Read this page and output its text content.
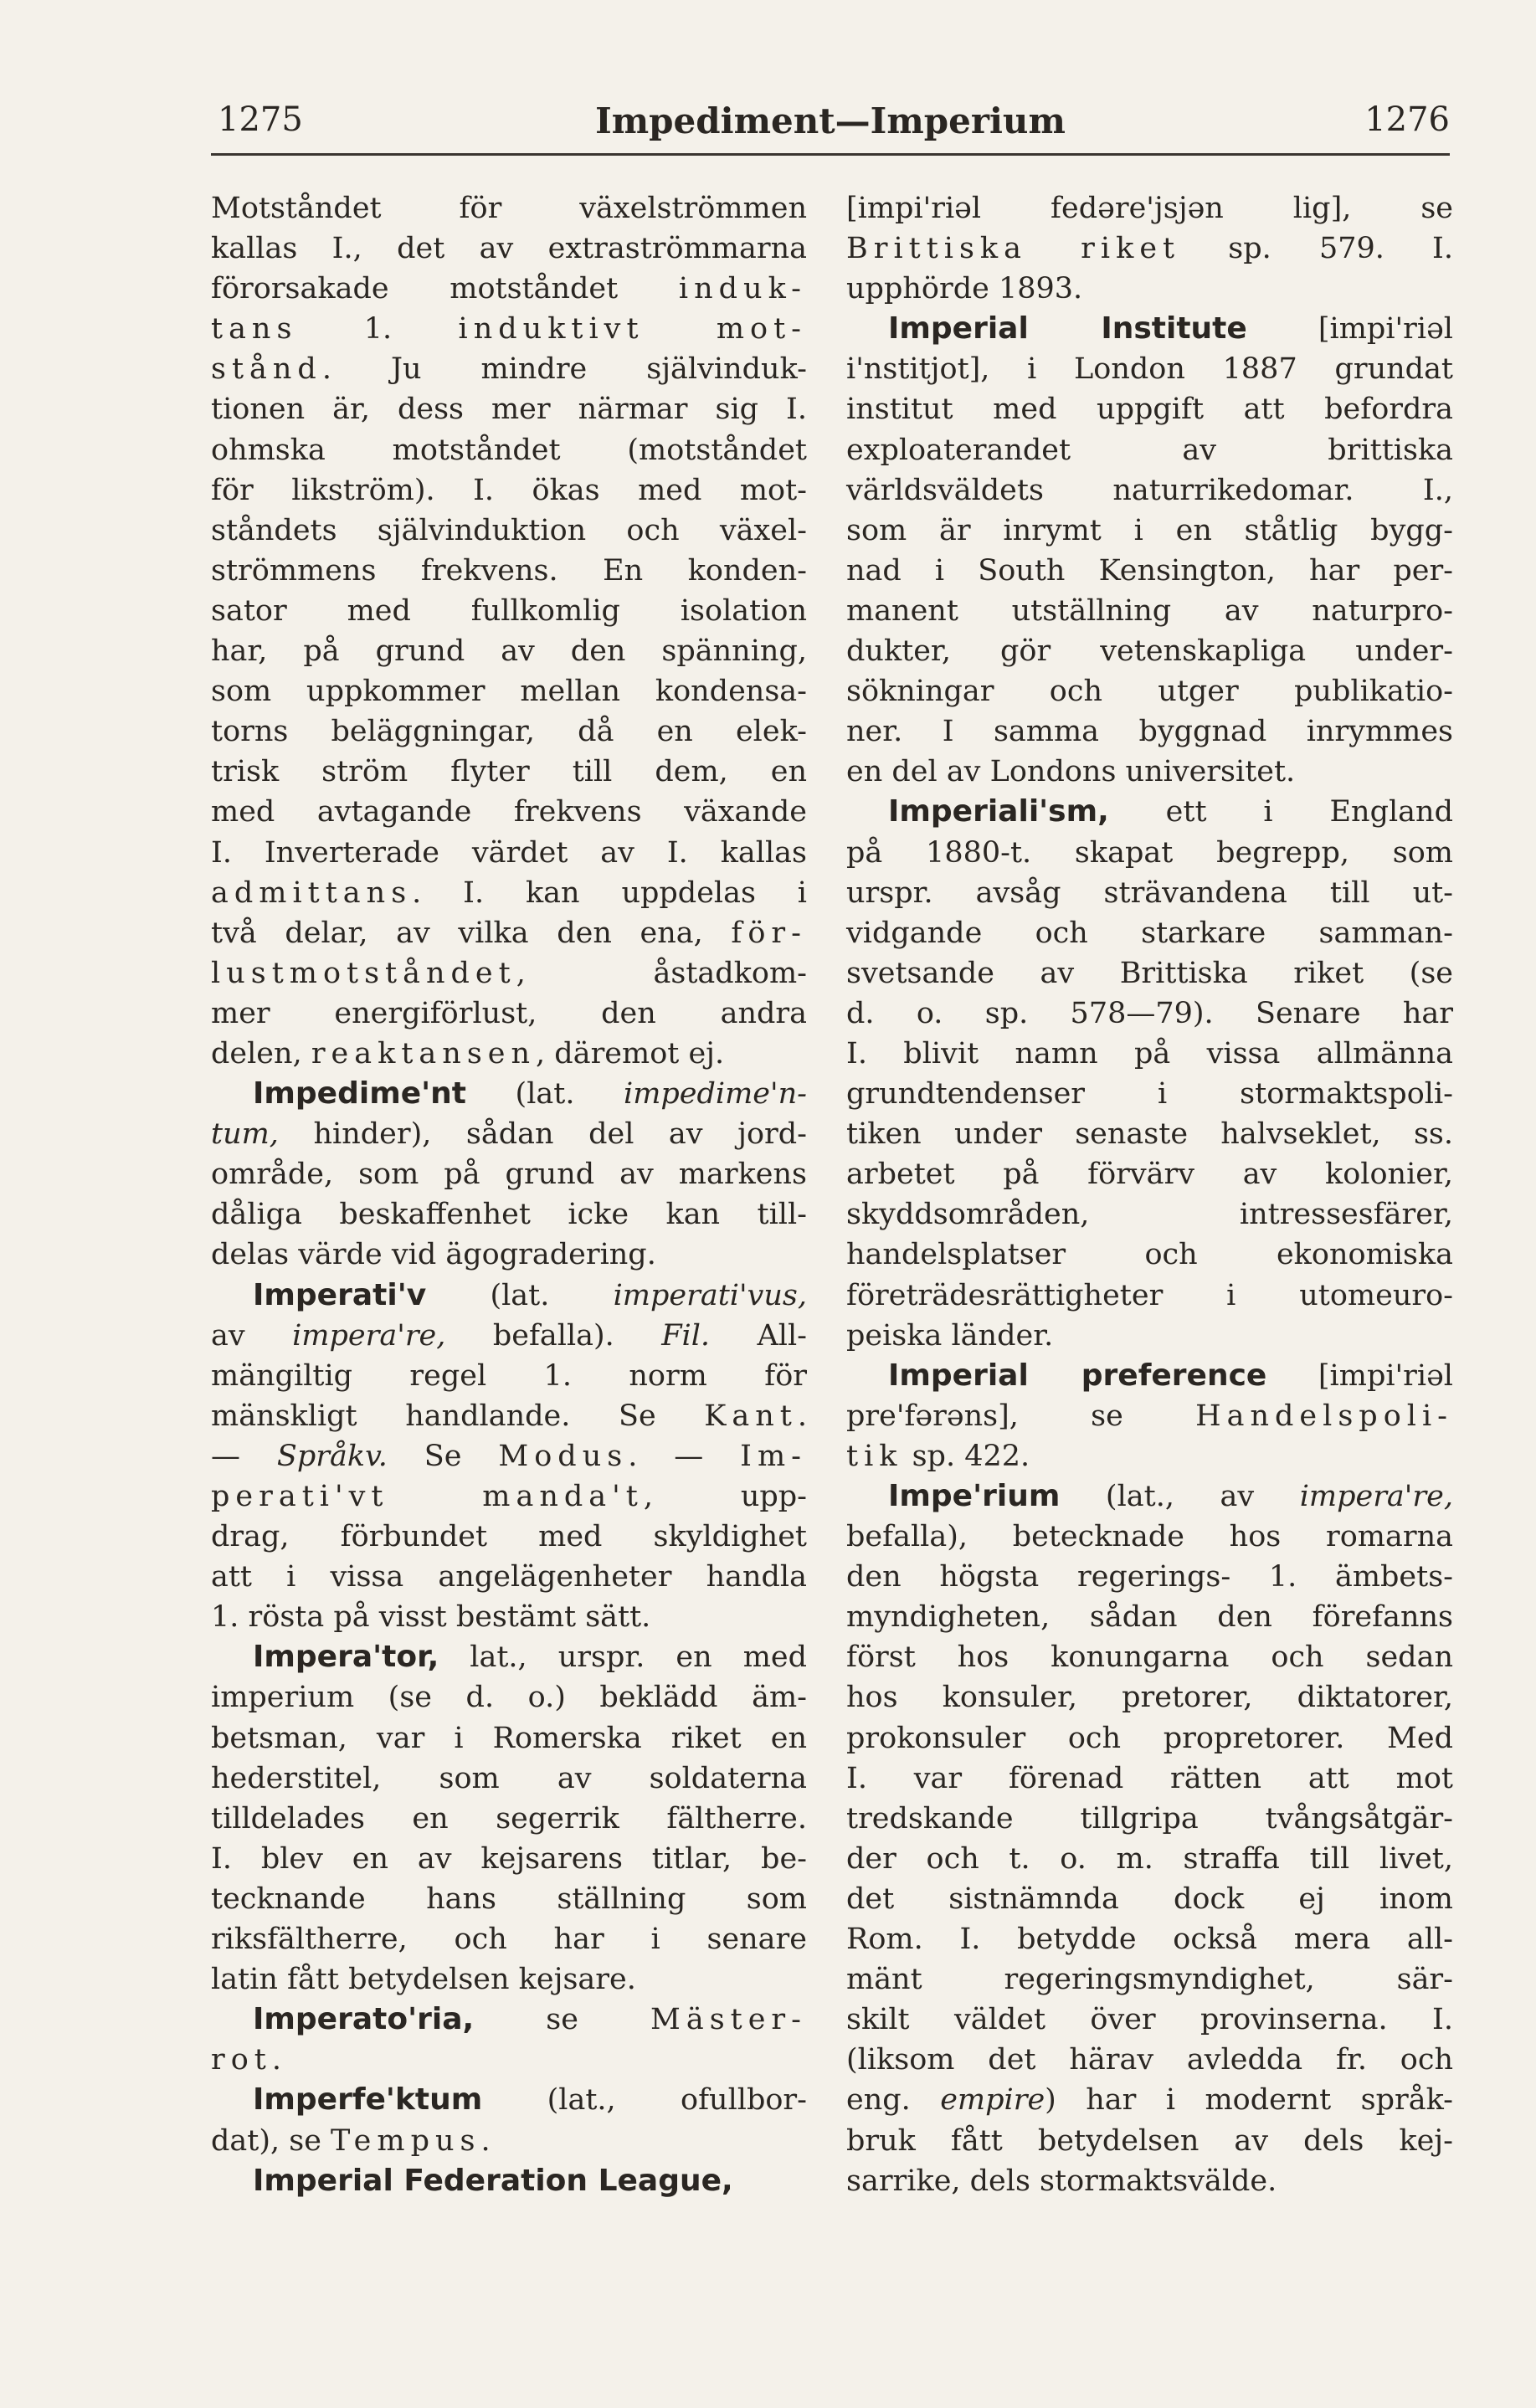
1275	Impediment—Imperium	1276
Motståndet för växelströmmen
kallas I., det av extraströmmarna
förorsakade motståndet induk-
tans 1. induktivt mot-
stånd. Ju mindre självinduk-
tionen är, dess mer närmar sig I.
ohmska motståndet (motståndet
för likström). I. ökas med mot-
ståndets självinduktion och växel-
strömmens frekvens. En konden-
sator med fullkomlig isolation
har, på grund av den spänning,
som uppkommer mellan kondensa-
torns beläggningar, då en elek-
trisk ström flyter till dem, en
med avtagande frekvens växande
I. Inverterade värdet av I. kallas
admittans. I. kan uppdelas i
två delar, av vilka den ena, för-
lustmotståndet, åstadkom-
mer energiförlust, den andra
delen, reaktansen, däremot ej.
Impedime'nt (lat. impedime'n-
tum, hinder), sådan del av jord-
område, som på grund av markens
dåliga beskaffenhet icke kan till-
delas värde vid ägogradering.
Imperati'v (lat. imperati'vus,
av impera're, befalla). Fil. All-
mängiltig regel 1. norm för
mänskligt handlande. Se Kant.
— Språkv. Se Modus. — Im-
perati'vt manda't, upp-
drag, förbundet med skyldighet
att i vissa angelägenheter handla
1. rösta på visst bestämt sätt.
Impera'tor, lat., urspr. en med
imperium (se d. o.) beklädd äm-
betsman, var i Romerska riket en
hederstitel, som av soldaterna
tilldelades en segerrik fältherre.
I. blev en av kejsarens titlar, be-
tecknande hans ställning som
riksfältherre, och har i senare
latin fått betydelsen kejsare.
Imperato'ria, se Mäster-
rot.
Imperfe'ktum (lat., ofullbor-
dat), se Tempus.
Imperial Federation League,
[impi'riəl fedəre'jsjən lig], se
Brittiska riket sp. 579. I.
upphörde 1893.
Imperial Institute [impi'riəl
i'nstitjot], i London 1887 grundat
institut med uppgift att befordra
exploaterandet av brittiska
världsväldets naturrikedomar. I.,
som är inrymt i en ståtlig bygg-
nad i South Kensington, har per-
manent utställning av naturpro-
dukter, gör vetenskapliga under-
sökningar och utger publikatio-
ner. I samma byggnad inrymmes
en del av Londons universitet.
Imperiali'sm, ett i England
på 1880-t. skapat begrepp, som
urspr. avsåg strävandena till ut-
vidgande och starkare samman-
svetsande av Brittiska riket (se
d. o. sp. 578—79). Senare har
I. blivit namn på vissa allmänna
grundtendenser i stormaktspoli-
tiken under senaste halvseklet, ss.
arbetet på förvärv av kolonier,
skyddsområden, intressesfärer,
handelsplatser och ekonomiska
företrädesrättigheter i utomeuro-
peiska länder.
Imperial preference [impi'riəl
pre'fərəns], se Handelspoli-
tik sp. 422.
Impe'rium (lat., av impera're,
befalla), betecknade hos romarna
den högsta regerings- 1. ämbets-
myndigheten, sådan den förefanns
först hos konungarna och sedan
hos konsuler, pretorer, diktatorer,
prokonsuler och propretorer. Med
I. var förenad rätten att mot
tredskande tillgripa tvångsåtgär-
der och t. o. m. straffa till livet,
det sistnämnda dock ej inom
Rom. I. betydde också mera all-
mänt regeringsmyndighet, sär-
skilt väldet över provinserna. I.
(liksom det härav avledda fr. och
eng. empire) har i modernt språk-
bruk fått betydelsen av dels kej-
sarrike, dels stormaktsvälde.
